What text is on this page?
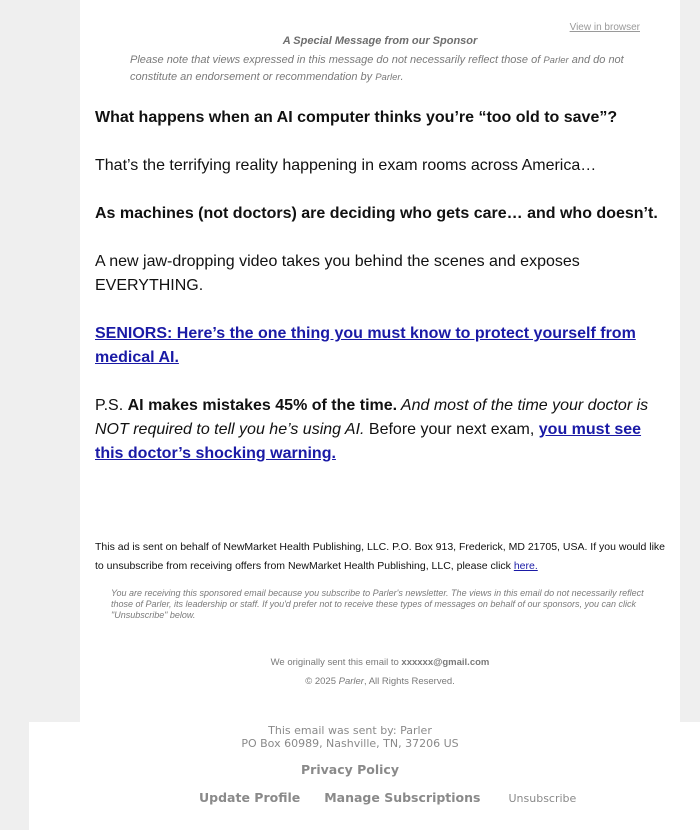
View in browser
A Special Message from our Sponsor
Please note that views expressed in this message do not necessarily reflect those of Parler and do not constitute an endorsement or recommendation by Parler.

What happens when an AI computer thinks you’re “too old to save”?

That’s the terrifying reality happening in exam rooms across America…

As machines (not doctors) are deciding who gets care… and who doesn’t.

A new jaw-dropping video takes you behind the scenes and exposes EVERYTHING.

SENIORS: Here’s the one thing you must know to protect yourself from medical AI.

P.S. AI makes mistakes 45% of the time. And most of the time your doctor is NOT required to tell you he’s using AI. Before your next exam, you must see this doctor’s shocking warning.

This ad is sent on behalf of NewMarket Health Publishing, LLC. P.O. Box 913, Frederick, MD 21705, USA. If you would like to unsubscribe from receiving offers from NewMarket Health Publishing, LLC, please click here.
You are receiving this sponsored email because you subscribe to Parler's newsletter. The views in this email do not necessarily reflect those of Parler, its leadership or staff. If you'd prefer not to receive these types of messages on behalf of our sponsors, you can click "Unsubscribe" below.
We originally sent this email to xxxxxx@gmail.com
© 2025 Parler, All Rights Reserved.
This email was sent by: Parler
PO Box 60989, Nashville, TN, 37206 US
Privacy Policy
Update Profile Manage Subscriptions	Unsubscribe
